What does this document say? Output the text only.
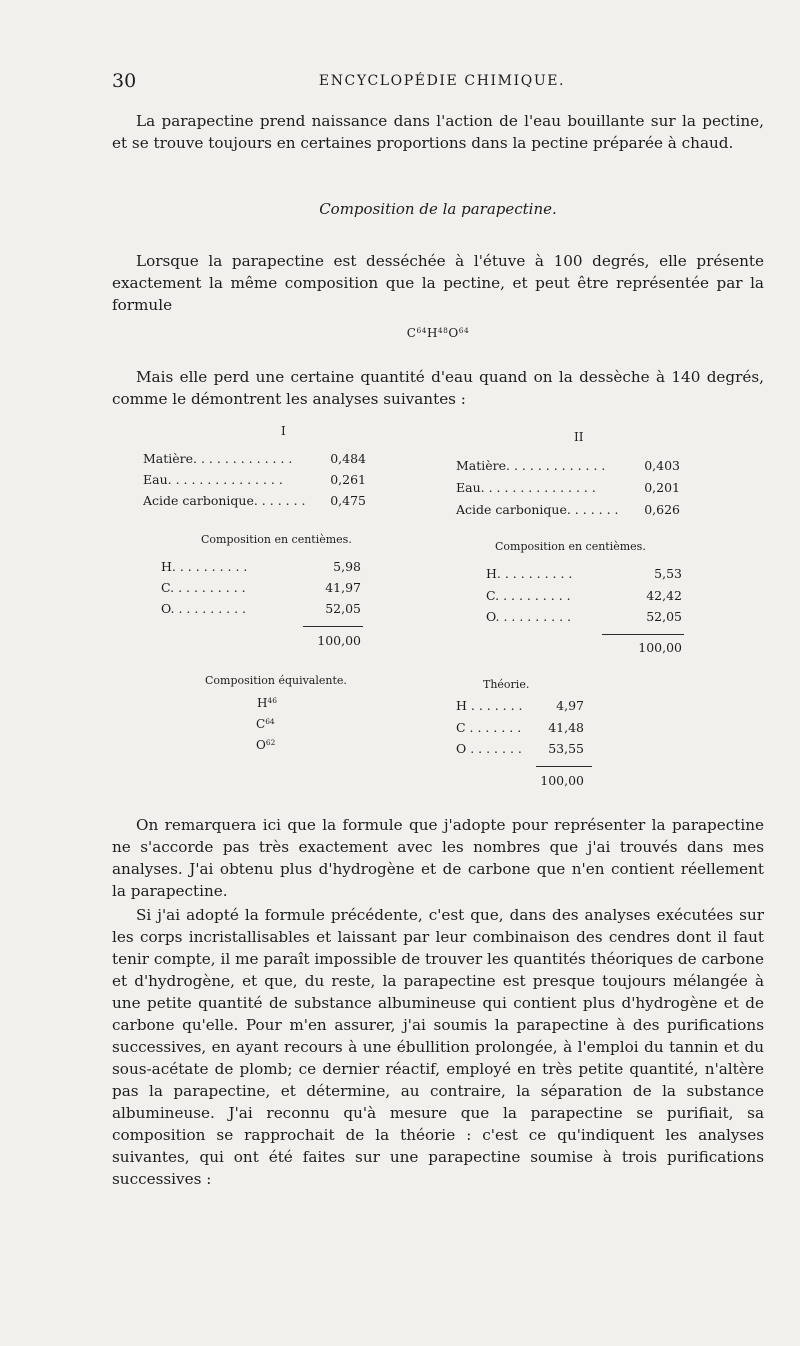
30	ENCYCLOPÉDIE CHIMIQUE.

La parapectine prend naissance dans l'action de l'eau bouillante sur la pectine, et se trouve toujours en certaines proportions dans la pectine préparée à chaud.

Composition de la parapectine.

Lorsque la parapectine est desséchée à l'étuve à 100 degrés, elle présente exactement la même composition que la pectine, et peut être représentée par la formule

$C^{64}H^{48}O^{64}$

Mais elle perd une certaine quantité d'eau quand on la dessèche à 140 degrés, comme le démontrent les analyses suivantes :

I
Matière. . . . . . . . . . . . .	0,484
Eau. . . . . . . . . . . . . . .	0,261
Acide carbonique. . . . . . . 0,475
Composition en centièmes.
H. . . . . . . . . .	5,98
C. . . . . . . . . .	41,97
O. . . . . . . . . .	52,05
100,00
Composition équivalente.
$H^{46}$
$C^{64}$
$O^{62}$
II
Matière. . . . . . . . . . . . .	0,403
Eau. . . . . . . . . . . . . . .	0,201
Acide carbonique. . . . . . . 0,626
Composition en centièmes.
H. . . . . . . . . .	5,53
C. . . . . . . . . .	42,42
O. . . . . . . . . .	52,05
100,00
Théorie.
H . . . . . . .	4,97
C . . . . . . . 41,48
O . . . . . . . 53,55
100,00

On remarquera ici que la formule que j'adopte pour représenter la parapectine ne s'accorde pas très exactement avec les nombres que j'ai trouvés dans mes analyses. J'ai obtenu plus d'hydrogène et de carbone que n'en contient réellement la parapectine.

Si j'ai adopté la formule précédente, c'est que, dans des analyses exécutées sur les corps incristallisables et laissant par leur combinaison des cendres dont il faut tenir compte, il me paraît impossible de trouver les quantités théoriques de carbone et d'hydrogène, et que, du reste, la parapectine est presque toujours mélangée à une petite quantité de substance albumineuse qui contient plus d'hydrogène et de carbone qu'elle. Pour m'en assurer, j'ai soumis la parapectine à des purifications successives, en ayant recours à une ébullition prolongée, à l'emploi du tannin et du sous-acétate de plomb; ce dernier réactif, employé en très petite quantité, n'altère pas la parapectine, et détermine, au contraire, la séparation de la substance albumineuse. J'ai reconnu qu'à mesure que la parapectine se purifiait, sa composition se rapprochait de la théorie : c'est ce qu'indiquent les analyses suivantes, qui ont été faites sur une parapectine soumise à trois purifications successives :
